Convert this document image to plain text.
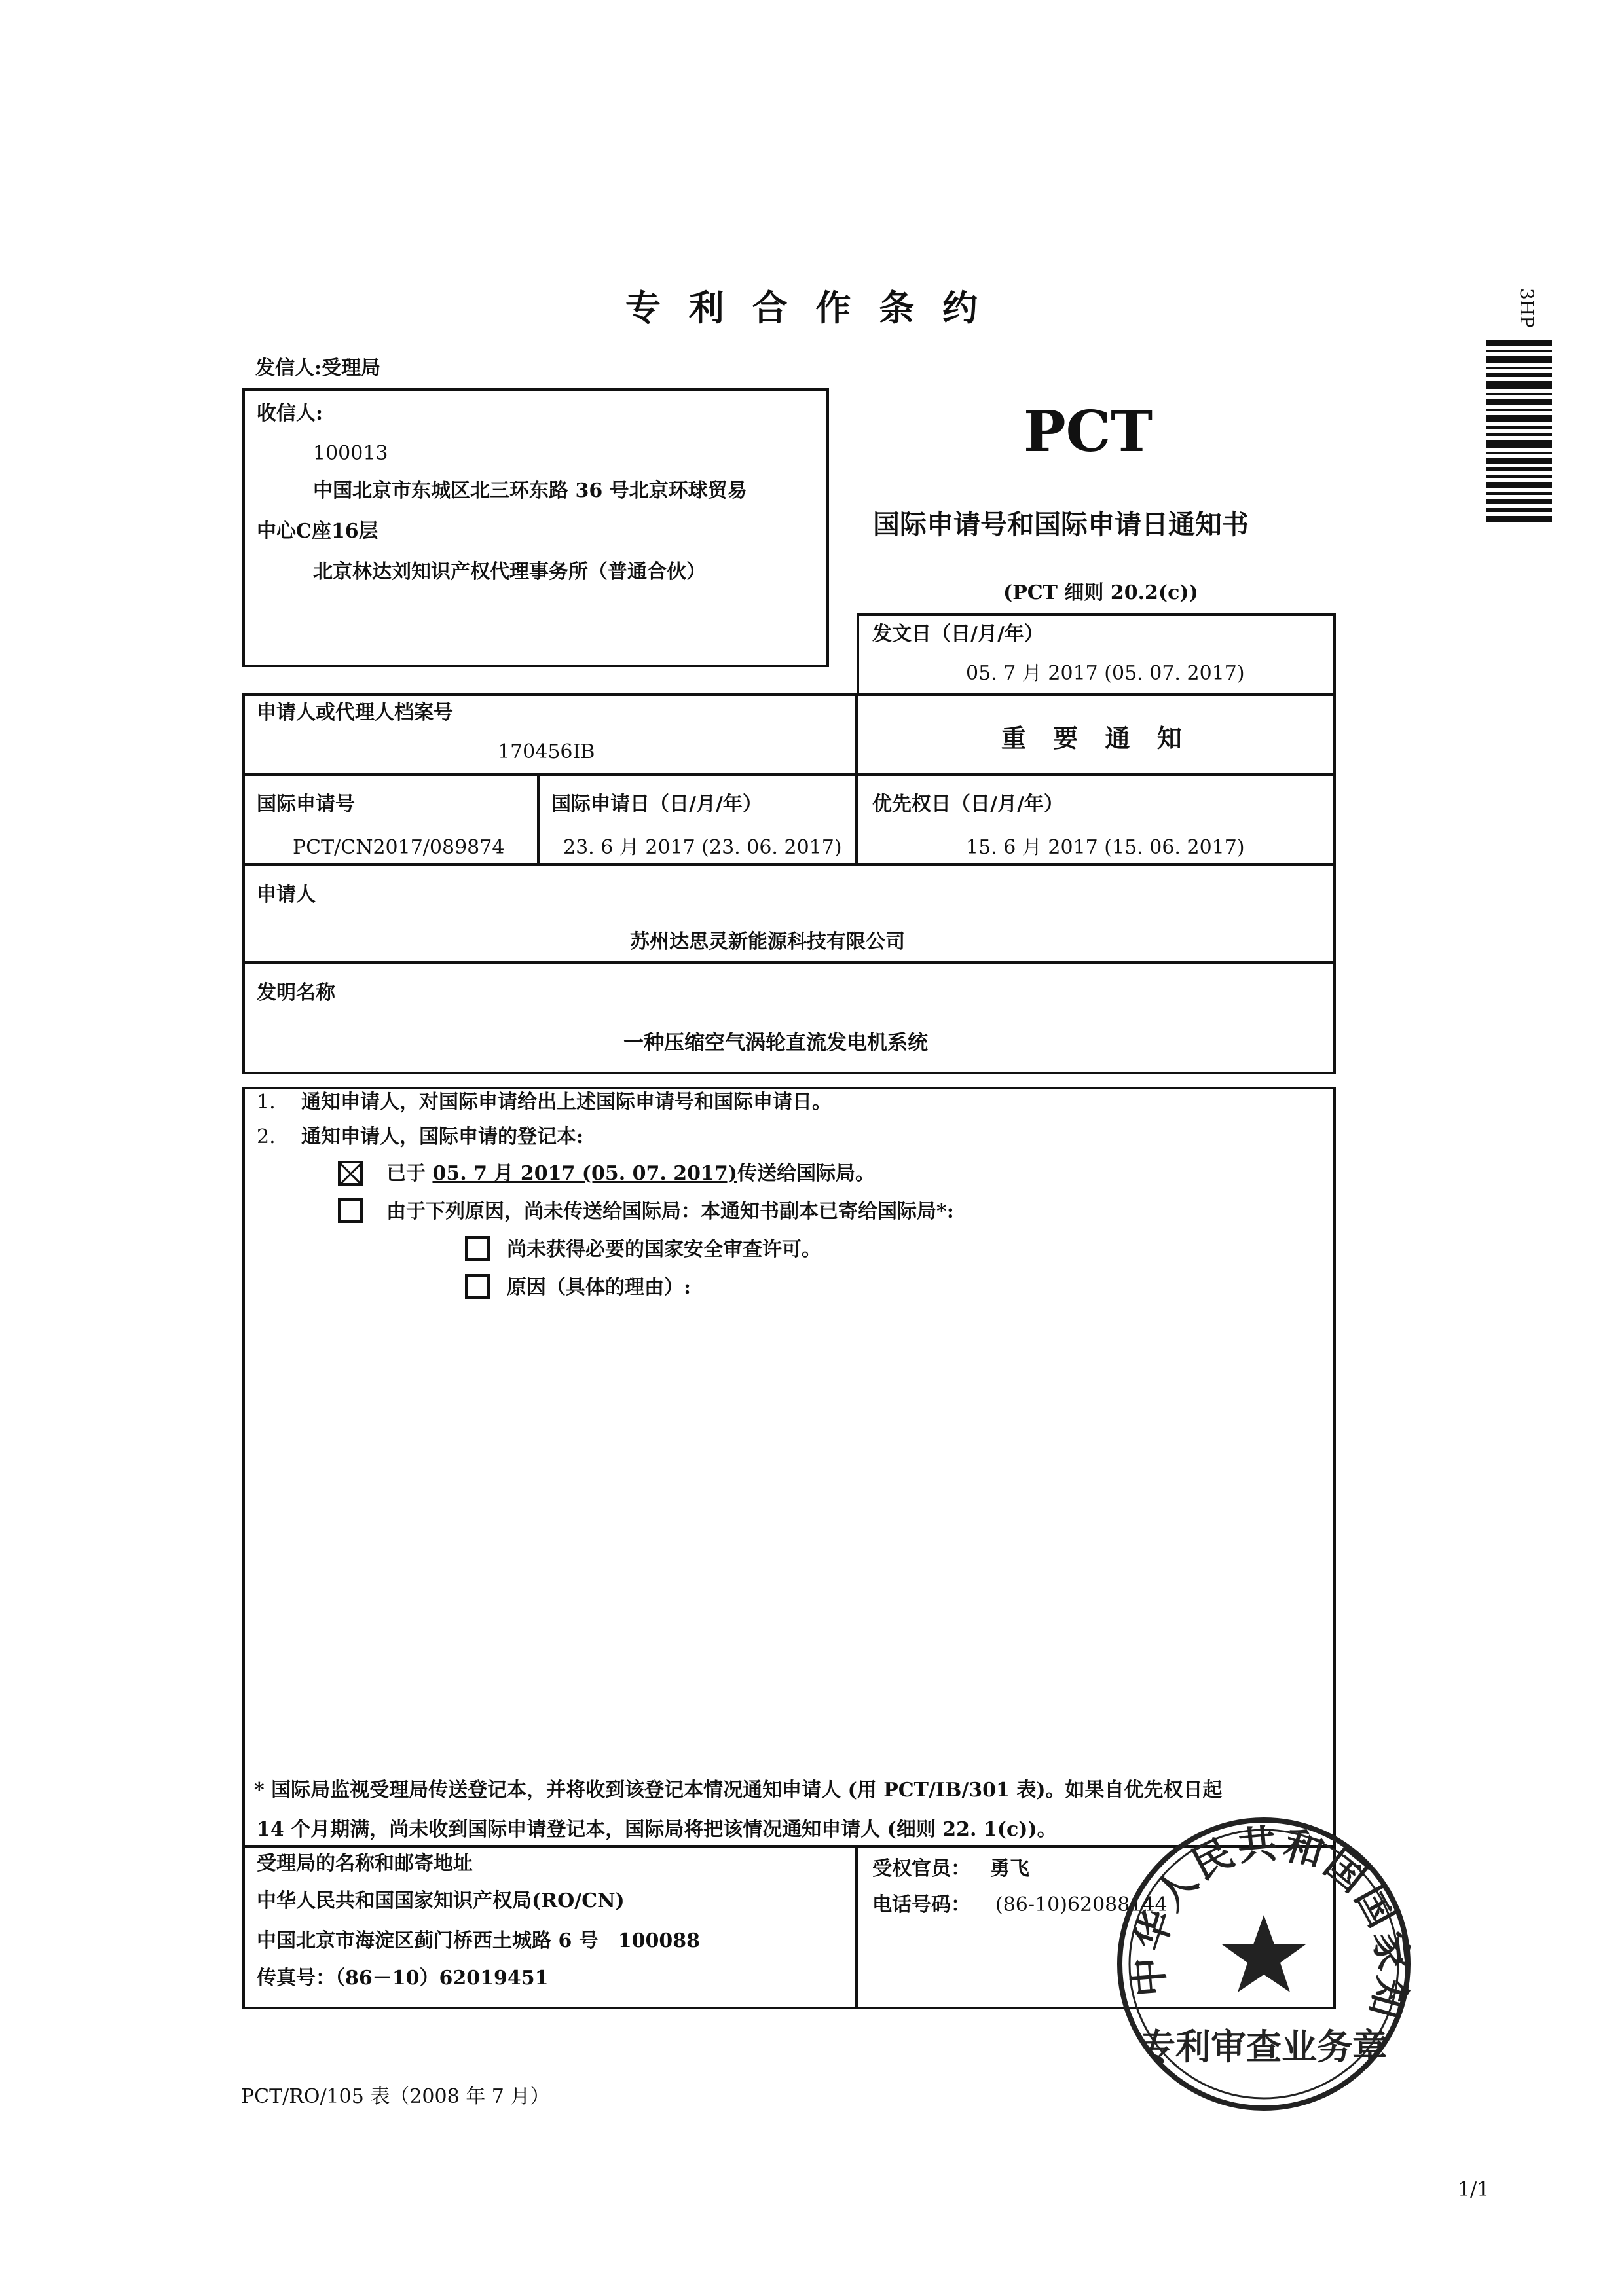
专 利 合 作 条 约	3HP
发信人:受理局
收信人:
100013
中国北京市东城区北三环东路 36 号北京环球贸易
中心C座16层
北京林达刘知识产权代理事务所（普通合伙）
PCT
国际申请号和国际申请日通知书
(PCT 细则 20.2(c))
发文日（日/月/年）
05. 7 月 2017 (05. 07. 2017)
申请人或代理人档案号
170456IB	重 要 通 知
国际申请号
PCT/CN2017/089874
国际申请日（日/月/年）
23. 6 月 2017 (23. 06. 2017)
优先权日（日/月/年）
15. 6 月 2017 (15. 06. 2017)
申请人
苏州达思灵新能源科技有限公司
发明名称
一种压缩空气涡轮直流发电机系统
1. 通知申请人，对国际申请给出上述国际申请号和国际申请日。
2. 通知申请人，国际申请的登记本:
已于 05. 7 月 2017 (05. 07. 2017)传送给国际局。
由于下列原因，尚未传送给国际局：本通知书副本已寄给国际局*:
尚未获得必要的国家安全审查许可。
原因（具体的理由）:
* 国际局监视受理局传送登记本，并将收到该登记本情况通知申请人 (用 PCT/IB/301 表)。如果自优先权日起
14 个月期满，尚未收到国际申请登记本，国际局将把该情况通知申请人 (细则 22. 1(c))。
受理局的名称和邮寄地址
中华人民共和国国家知识产权局(RO/CN)
中国北京市海淀区蓟门桥西土城路 6 号　100088
传真号：（86－10）62019451
受权官员： 勇飞
电话号码： (86-10)62088144
中华人民共和国国家知
专利审查业务章
PCT/RO/105 表（2008 年 7 月）
1/1
